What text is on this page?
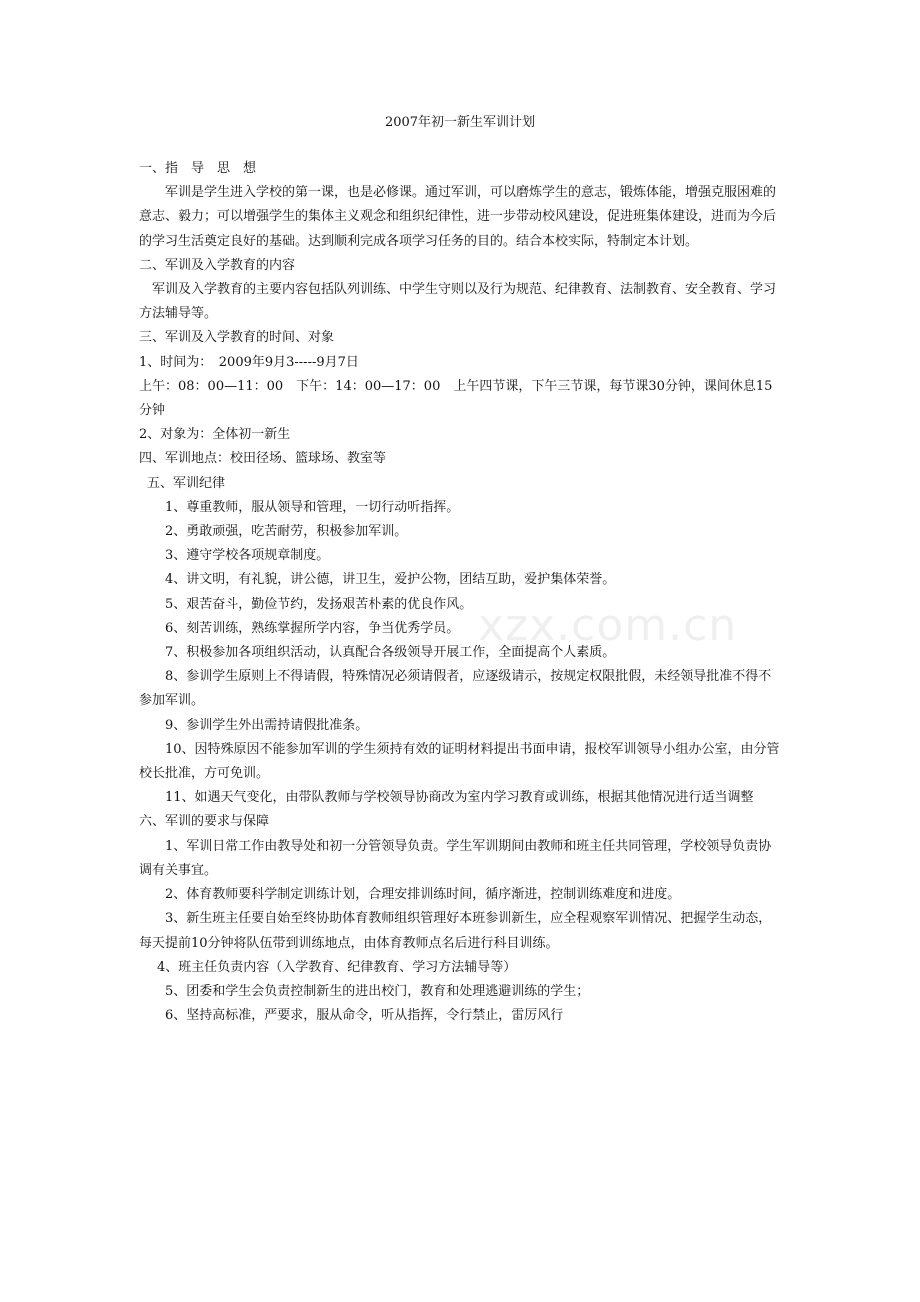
2007年初一新生军训计划

一、指　导　思　想

军训是学生进入学校的第一课，也是必修课。通过军训，可以磨炼学生的意志，锻炼体能，增强克服困难的意志、毅力；可以增强学生的集体主义观念和组织纪律性，进一步带动校风建设，促进班集体建设，进而为今后的学习生活奠定良好的基础。达到顺利完成各项学习任务的目的。结合本校实际，特制定本计划。

二、军训及入学教育的内容

军训及入学教育的主要内容包括队列训练、中学生守则以及行为规范、纪律教育、法制教育、安全教育、学习方法辅导等。

三、军训及入学教育的时间、对象

1、时间为：　2009年9月3-----9月7日

上午：08：00—11：00　下午：14：00—17：00　上午四节课，下午三节课，每节课30分钟，课间休息15分钟

2、对象为：全体初一新生

四、军训地点：校田径场、篮球场、教室等

五、军训纪律

1、尊重教师，服从领导和管理，一切行动听指挥。

2、勇敢顽强，吃苦耐劳，积极参加军训。

3、遵守学校各项规章制度。

4、讲文明，有礼貌，讲公德，讲卫生，爱护公物，团结互助，爱护集体荣誉。

5、艰苦奋斗，勤俭节约，发扬艰苦朴素的优良作风。

6、刻苦训练，熟练掌握所学内容，争当优秀学员。

7、积极参加各项组织活动，认真配合各级领导开展工作，全面提高个人素质。

8、参训学生原则上不得请假，特殊情况必须请假者，应逐级请示，按规定权限批假，未经领导批准不得不参加军训。

9、参训学生外出需持请假批准条。

10、因特殊原因不能参加军训的学生须持有效的证明材料提出书面申请，报校军训领导小组办公室，由分管校长批准，方可免训。

11、如遇天气变化，由带队教师与学校领导协商改为室内学习教育或训练，根据其他情况进行适当调整

六、军训的要求与保障

1、军训日常工作由教导处和初一分管领导负责。学生军训期间由教师和班主任共同管理，学校领导负责协调有关事宜。

2、体育教师要科学制定训练计划，合理安排训练时间，循序渐进，控制训练难度和进度。

3、新生班主任要自始至终协助体育教师组织管理好本班参训新生，应全程观察军训情况、把握学生动态，每天提前10分钟将队伍带到训练地点，由体育教师点名后进行科目训练。

4、班主任负责内容（入学教育、纪律教育、学习方法辅导等）

5、团委和学生会负责控制新生的进出校门，教育和处理逃避训练的学生；

6、坚持高标准，严要求，服从命令，听从指挥，令行禁止，雷厉风行

xzx.com.cn
